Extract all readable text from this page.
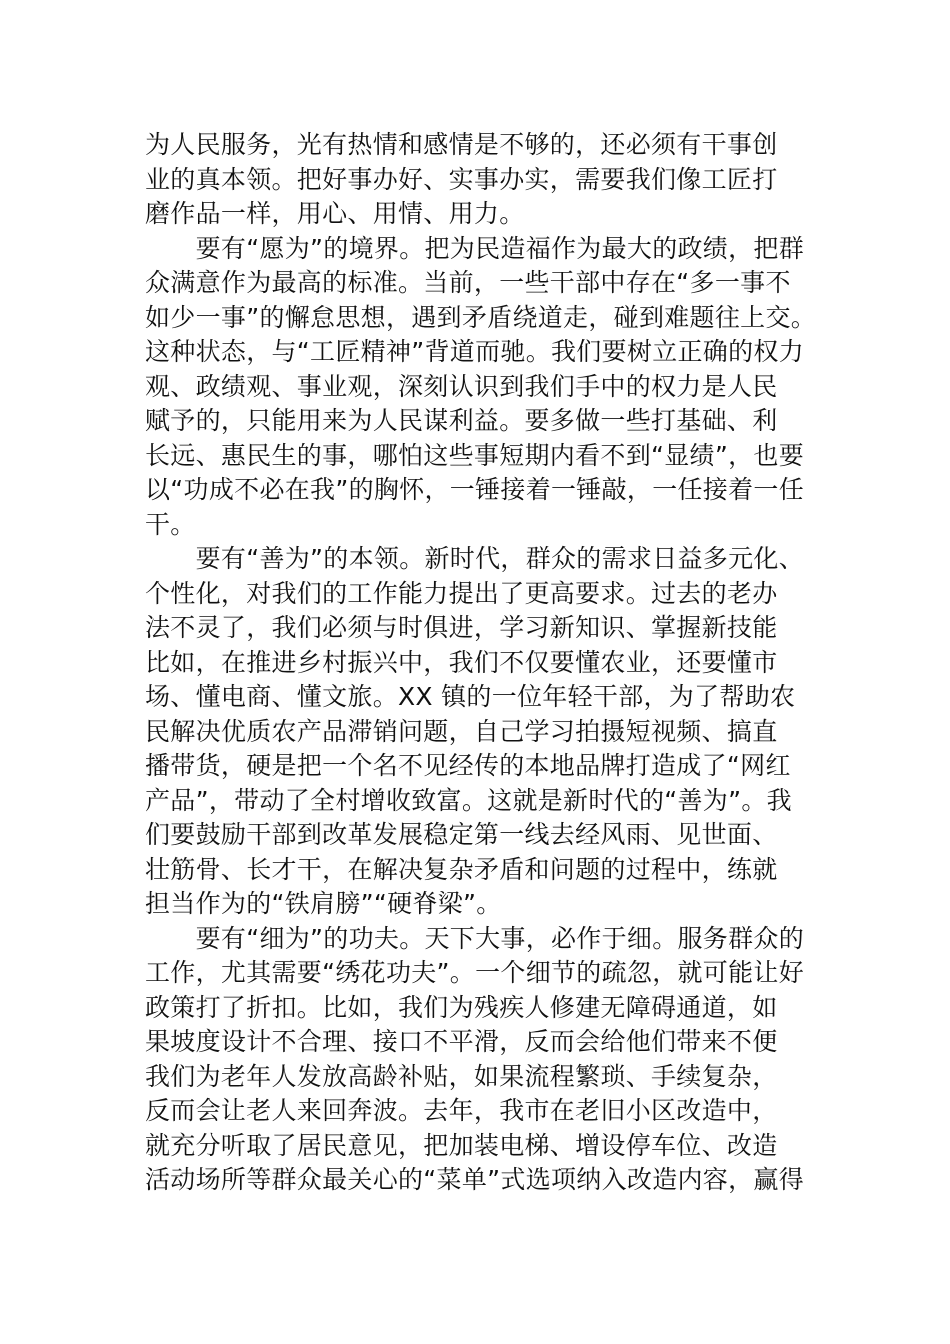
为人民服务，光有热情和感情是不够的，还必须有干事创
业的真本领。把好事办好、实事办实，需要我们像工匠打
磨作品一样，用心、用情、用力。
　　要有“愿为”的境界。把为民造福作为最大的政绩，把群
众满意作为最高的标准。当前，一些干部中存在“多一事不
如少一事”的懈怠思想，遇到矛盾绕道走，碰到难题往上交。
这种状态，与“工匠精神”背道而驰。我们要树立正确的权力
观、政绩观、事业观，深刻认识到我们手中的权力是人民
赋予的，只能用来为人民谋利益。要多做一些打基础、利
长远、惠民生的事，哪怕这些事短期内看不到“显绩”，也要
以“功成不必在我”的胸怀，一锤接着一锤敲，一任接着一任
干。
　　要有“善为”的本领。新时代，群众的需求日益多元化、
个性化，对我们的工作能力提出了更高要求。过去的老办
法不灵了，我们必须与时俱进，学习新知识、掌握新技能
比如，在推进乡村振兴中，我们不仅要懂农业，还要懂市
场、懂电商、懂文旅。XX 镇的一位年轻干部，为了帮助农
民解决优质农产品滞销问题，自己学习拍摄短视频、搞直
播带货，硬是把一个名不见经传的本地品牌打造成了“网红
产品”，带动了全村增收致富。这就是新时代的“善为”。我
们要鼓励干部到改革发展稳定第一线去经风雨、见世面、
壮筋骨、长才干，在解决复杂矛盾和问题的过程中，练就
担当作为的“铁肩膀”“硬脊梁”。
　　要有“细为”的功夫。天下大事，必作于细。服务群众的
工作，尤其需要“绣花功夫”。一个细节的疏忽，就可能让好
政策打了折扣。比如，我们为残疾人修建无障碍通道，如
果坡度设计不合理、接口不平滑，反而会给他们带来不便
我们为老年人发放高龄补贴，如果流程繁琐、手续复杂，
反而会让老人来回奔波。去年，我市在老旧小区改造中，
就充分听取了居民意见，把加装电梯、增设停车位、改造
活动场所等群众最关心的“菜单”式选项纳入改造内容，赢得
